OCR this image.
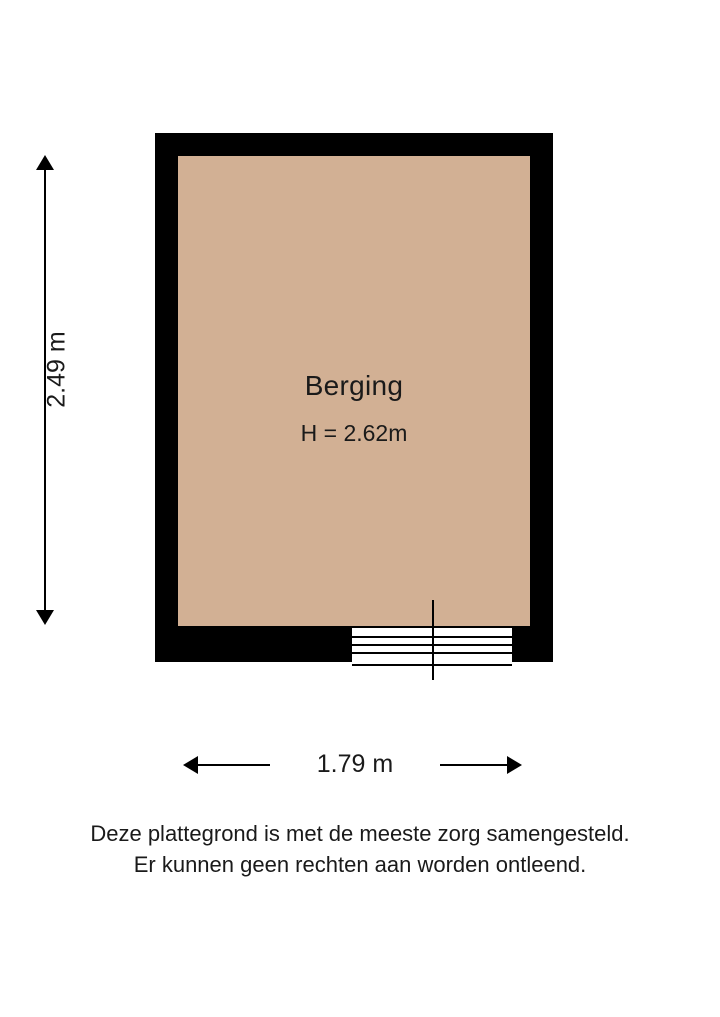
Berging
H = 2.62m
2.49 m
1.79 m
Deze plattegrond is met de meeste zorg samengesteld.
Er kunnen geen rechten aan worden ontleend.
